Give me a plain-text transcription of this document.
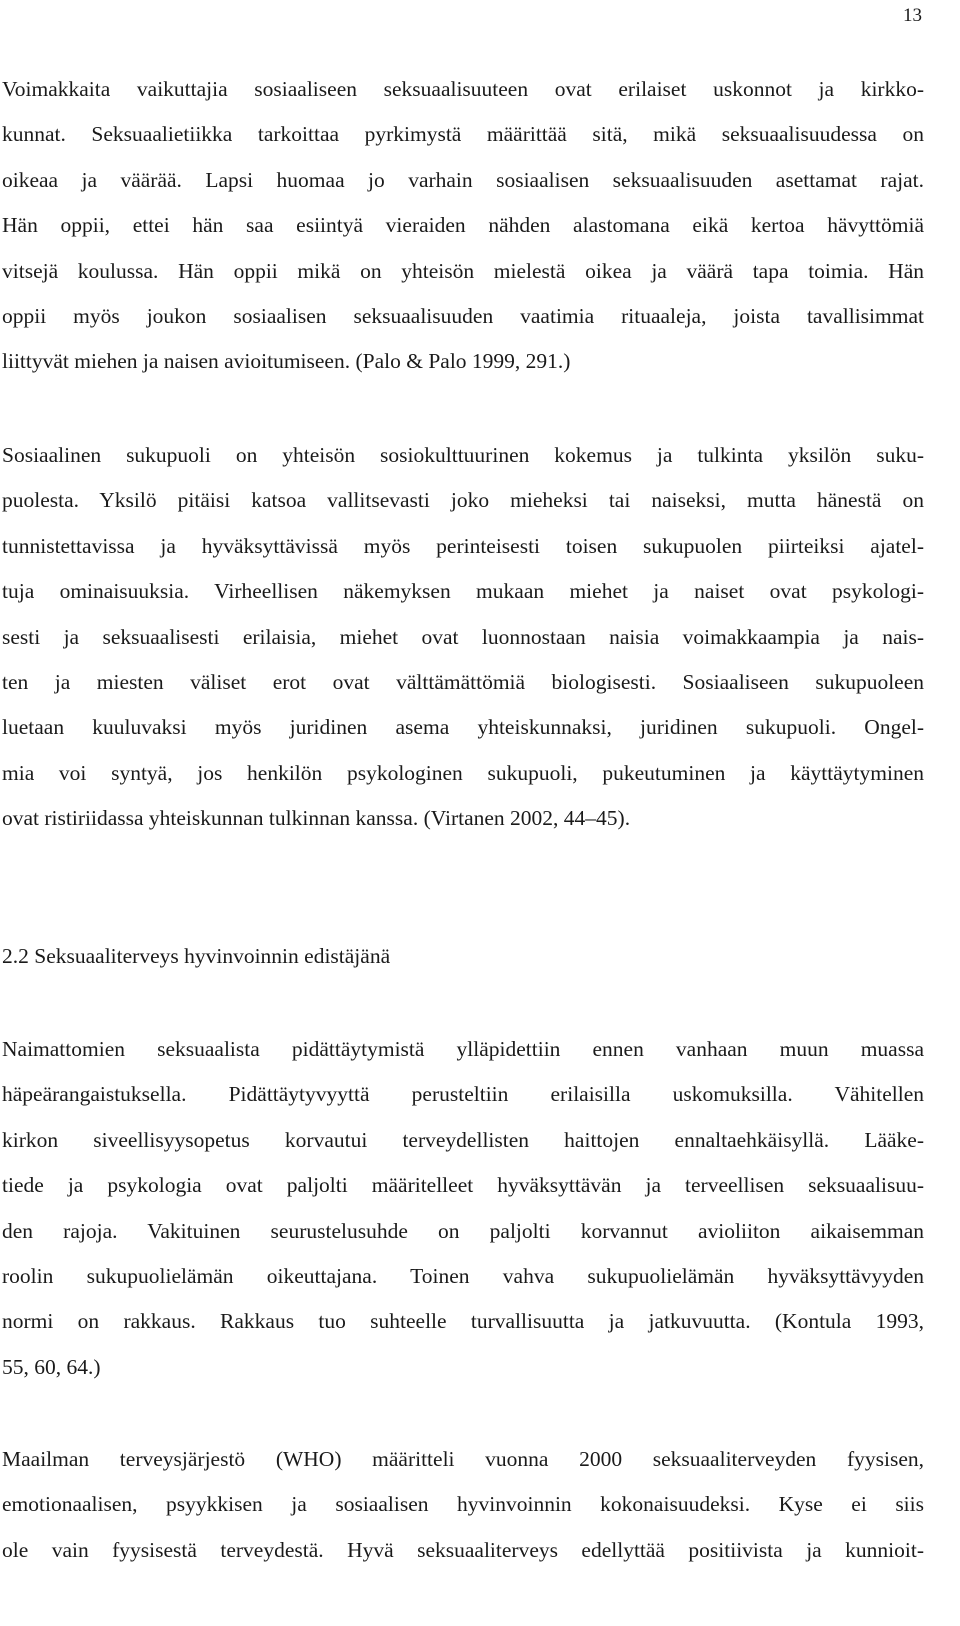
13
Voimakkaita vaikuttajia sosiaaliseen seksuaalisuuteen ovat erilaiset uskonnot ja kirkko-
kunnat. Seksuaalietiikka tarkoittaa pyrkimystä määrittää sitä, mikä seksuaalisuudessa on
oikeaa ja väärää. Lapsi huomaa jo varhain sosiaalisen seksuaalisuuden asettamat rajat.
Hän oppii, ettei hän saa esiintyä vieraiden nähden alastomana eikä kertoa hävyttömiä
vitsejä koulussa. Hän oppii mikä on yhteisön mielestä oikea ja väärä tapa toimia. Hän
oppii myös joukon sosiaalisen seksuaalisuuden vaatimia rituaaleja, joista tavallisimmat
liittyvät miehen ja naisen avioitumiseen. (Palo & Palo 1999, 291.)
Sosiaalinen sukupuoli on yhteisön sosiokulttuurinen kokemus ja tulkinta yksilön suku-
puolesta. Yksilö pitäisi katsoa vallitsevasti joko mieheksi tai naiseksi, mutta hänestä on
tunnistettavissa ja hyväksyttävissä myös perinteisesti toisen sukupuolen piirteiksi ajatel-
tuja ominaisuuksia. Virheellisen näkemyksen mukaan miehet ja naiset ovat psykologi-
sesti ja seksuaalisesti erilaisia, miehet ovat luonnostaan naisia voimakkaampia ja nais-
ten ja miesten väliset erot ovat välttämättömiä biologisesti. Sosiaaliseen sukupuoleen
luetaan kuuluvaksi myös juridinen asema yhteiskunnaksi, juridinen sukupuoli. Ongel-
mia voi syntyä, jos henkilön psykologinen sukupuoli, pukeutuminen ja käyttäytyminen
ovat ristiriidassa yhteiskunnan tulkinnan kanssa. (Virtanen 2002, 44–45).
2.2 Seksuaaliterveys hyvinvoinnin edistäjänä
Naimattomien seksuaalista pidättäytymistä ylläpidettiin ennen vanhaan muun muassa
häpeärangaistuksella. Pidättäytyvyyttä perusteltiin erilaisilla uskomuksilla. Vähitellen
kirkon siveellisyysopetus korvautui terveydellisten haittojen ennaltaehkäisyllä. Lääke-
tiede ja psykologia ovat paljolti määritelleet hyväksyttävän ja terveellisen seksuaalisuu-
den rajoja. Vakituinen seurustelusuhde on paljolti korvannut avioliiton aikaisemman
roolin sukupuolielämän oikeuttajana. Toinen vahva sukupuolielämän hyväksyttävyyden
normi on rakkaus. Rakkaus tuo suhteelle turvallisuutta ja jatkuvuutta. (Kontula 1993,
55, 60, 64.)
Maailman terveysjärjestö (WHO) määritteli vuonna 2000 seksuaaliterveyden fyysisen,
emotionaalisen, psyykkisen ja sosiaalisen hyvinvoinnin kokonaisuudeksi. Kyse ei siis
ole vain fyysisestä terveydestä. Hyvä seksuaaliterveys edellyttää positiivista ja kunnioit-
